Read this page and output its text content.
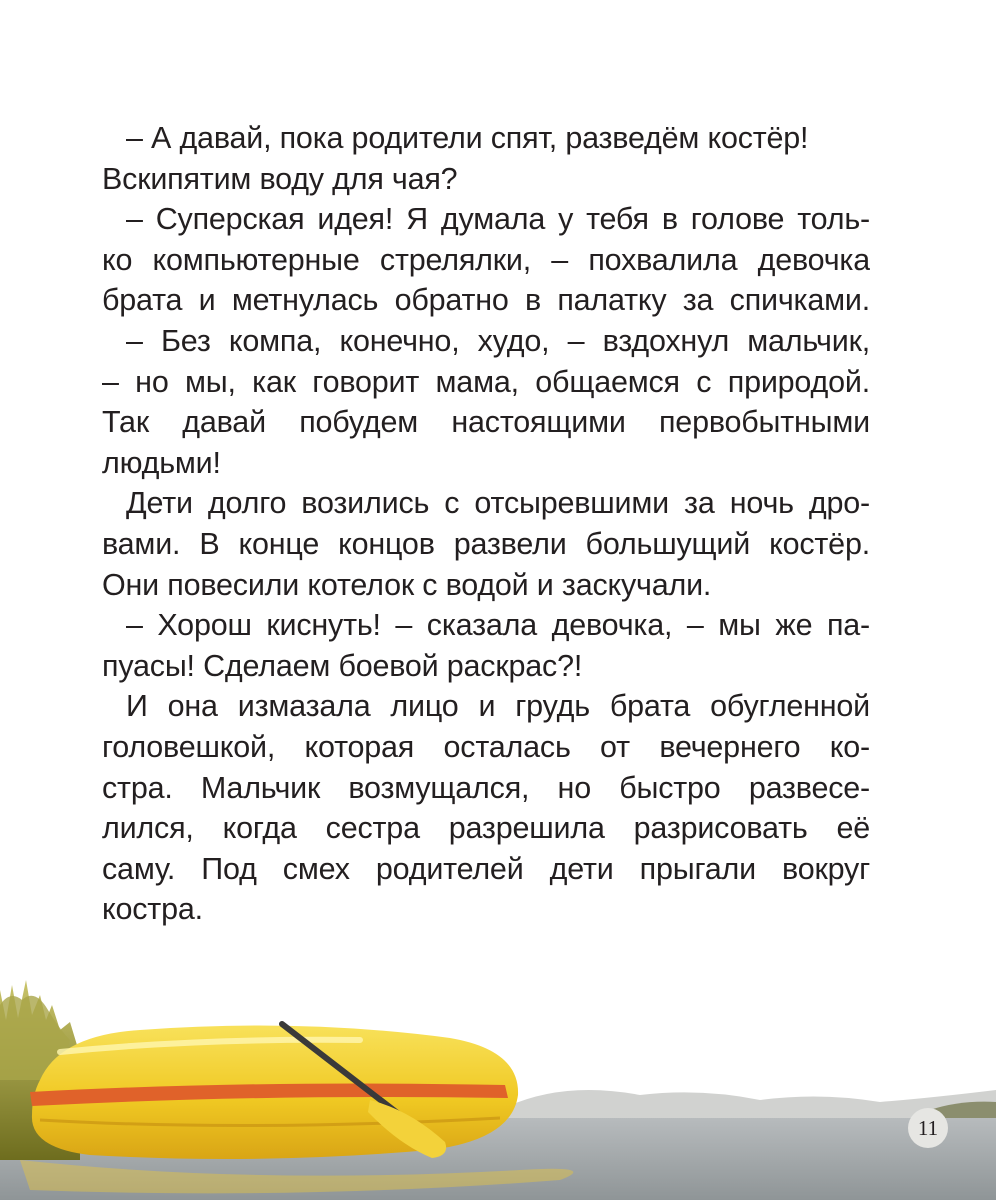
– А давай, пока родители спят, разведём костёр!
Вскипятим воду для чая?
– Суперская идея! Я думала у тебя в голове толь-
ко компьютерные стрелялки, – похвалила девочка
брата и метнулась обратно в палатку за спичками.
– Без компа, конечно, худо, – вздохнул мальчик,
– но мы, как говорит мама, общаемся с природой.
Так давай побудем настоящими первобытными
людьми!
Дети долго возились с отсыревшими за ночь дро-
вами. В конце концов развели большущий костёр.
Они повесили котелок с водой и заскучали.
– Хорош киснуть! – сказала девочка, – мы же па-
пуасы! Сделаем боевой раскрас?!
И она измазала лицо и грудь брата обугленной
головешкой, которая осталась от вечернего ко-
стра. Мальчик возмущался, но быстро развесе-
лился, когда сестра разрешила разрисовать её
саму. Под смех родителей дети прыгали вокруг
костра.
11
